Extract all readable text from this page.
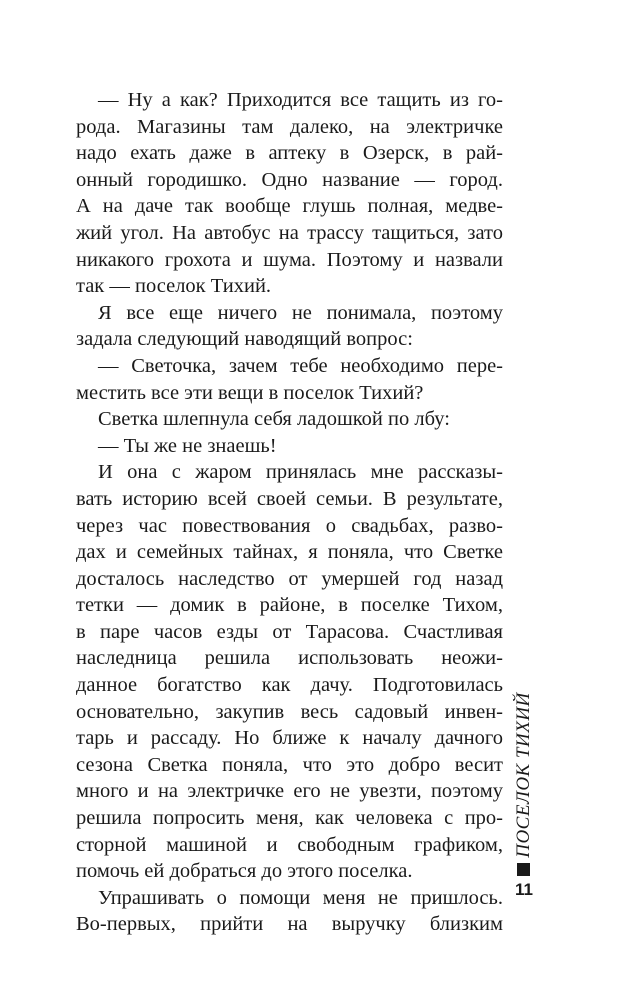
— Ну а как? Приходится все тащить из го-
рода. Магазины там далеко, на электричке
надо ехать даже в аптеку в Озерск, в рай-
онный городишко. Одно название — город.
А на даче так вообще глушь полная, медве-
жий угол. На автобус на трассу тащиться, зато
никакого грохота и шума. Поэтому и назвали
так — поселок Тихий.
Я все еще ничего не понимала, поэтому
задала следующий наводящий вопрос:
— Светочка, зачем тебе необходимо пере-
местить все эти вещи в поселок Тихий?
Светка шлепнула себя ладошкой по лбу:
— Ты же не знаешь!
И она с жаром принялась мне рассказы-
вать историю всей своей семьи. В результате,
через час повествования о свадьбах, разво-
дах и семейных тайнах, я поняла, что Светке
досталось наследство от умершей год назад
тетки — домик в районе, в поселке Тихом,
в паре часов езды от Тарасова. Счастливая
наследница решила использовать неожи-
данное богатство как дачу. Подготовилась
основательно, закупив весь садовый инвен-
тарь и рассаду. Но ближе к началу дачного
сезона Светка поняла, что это добро весит
много и на электричке его не увезти, поэтому
решила попросить меня, как человека с про-
сторной машиной и свободным графиком,
помочь ей добраться до этого поселка.
Упрашивать о помощи меня не пришлось.
Во-первых, прийти на выручку близким
ПОСЕЛОК ТИХИЙ
11
